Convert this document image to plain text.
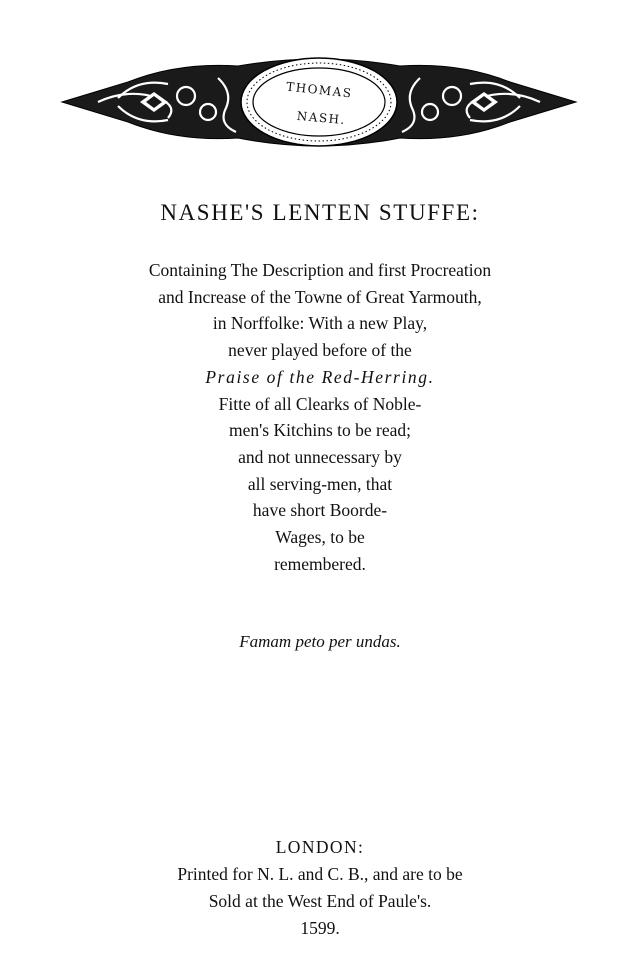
THOMAS
NASH.
NASHE'S LENTEN STUFFE:
Containing The Description and first Procreation
and Increase of the Towne of Great Yarmouth,
in Norffolke: With a new Play,
never played before of the
Praise of the Red-Herring.
Fitte of all Clearks of Noble-
men's Kitchins to be read;
and not unnecessary by
all serving-men, that
have short Boorde-
Wages, to be
remembered.
Famam peto per undas.
LONDON:
Printed for N. L. and C. B., and are to be
Sold at the West End of Paule's.
1599.
